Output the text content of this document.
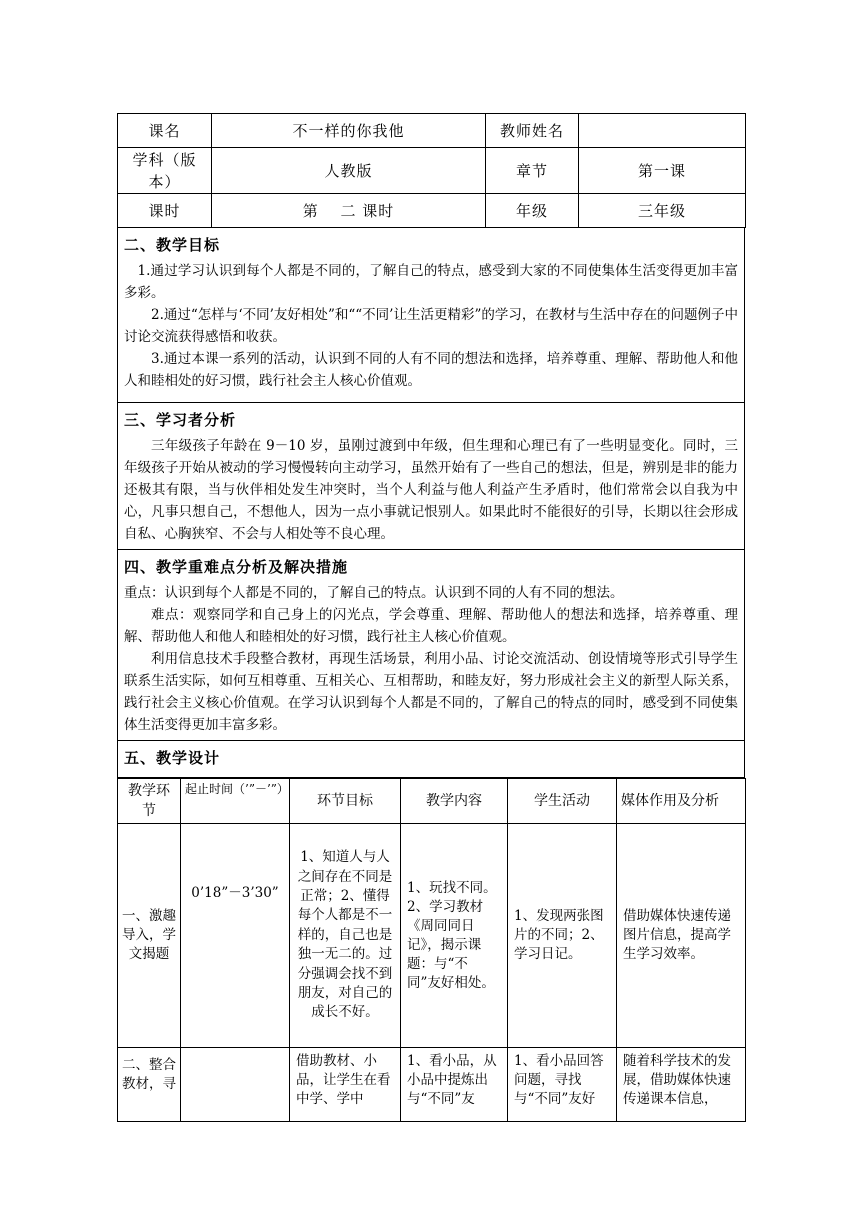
课名	不一样的你我他	教师姓名	
学科（版本）	人教版	章节	第一课
课时	第　 二 课时	年级	三年级
二、教学目标

1.通过学习认识到每个人都是不同的，了解自己的特点，感受到大家的不同使集体生活变得更加丰富多彩。

2.通过“怎样与‘不同’友好相处”和““不同’让生活更精彩”的学习，在教材与生活中存在的问题例子中讨论交流获得感悟和收获。

3.通过本课一系列的活动，认识到不同的人有不同的想法和选择，培养尊重、理解、帮助他人和他人和睦相处的好习惯，践行社会主人核心价值观。

三、学习者分析

三年级孩子年龄在 9－10 岁，虽刚过渡到中年级，但生理和心理已有了一些明显变化。同时，三年级孩子开始从被动的学习慢慢转向主动学习，虽然开始有了一些自己的想法，但是，辨别是非的能力还极其有限，当与伙伴相处发生冲突时，当个人利益与他人利益产生矛盾时，他们常常会以自我为中心，凡事只想自己，不想他人，因为一点小事就记恨别人。如果此时不能很好的引导，长期以往会形成自私、心胸狭窄、不会与人相处等不良心理。

四、教学重难点分析及解决措施

重点：认识到每个人都是不同的，了解自己的特点。认识到不同的人有不同的想法。

难点：观察同学和自己身上的闪光点，学会尊重、理解、帮助他人的想法和选择，培养尊重、理解、帮助他人和他人和睦相处的好习惯，践行社主人核心价值观。

利用信息技术手段整合教材，再现生活场景，利用小品、讨论交流活动、创设情境等形式引导学生联系生活实际，如何互相尊重、互相关心、互相帮助，和睦友好，努力形成社会主义的新型人际关系，践行社会主义核心价值观。在学习认识到每个人都是不同的，了解自己的特点的同时，感受到不同使集体生活变得更加丰富多彩。

五、教学设计
教学环节	起止时间（’”－’”）	环节目标	教学内容	学生活动	媒体作用及分析
一、激趣导入，学文揭题	0’18”－3’30”	1、知道人与人之间存在不同是正常；2、懂得每个人都是不一样的，自己也是独一无二的。过分强调会找不到朋友，对自己的成长不好。	1、玩找不同。2、学习教材《周同同日记》，揭示课题：与“不同”友好相处。	1、发现两张图片的不同；2、学习日记。	借助媒体快速传递图片信息，提高学生学习效率。
二、整合教材，寻		借助教材、小品，让学生在看中学、学中	1、看小品，从小品中提炼出与“不同”友	1、看小品回答问题，寻找与“不同”友好	随着科学技术的发展，借助媒体快速传递课本信息，
